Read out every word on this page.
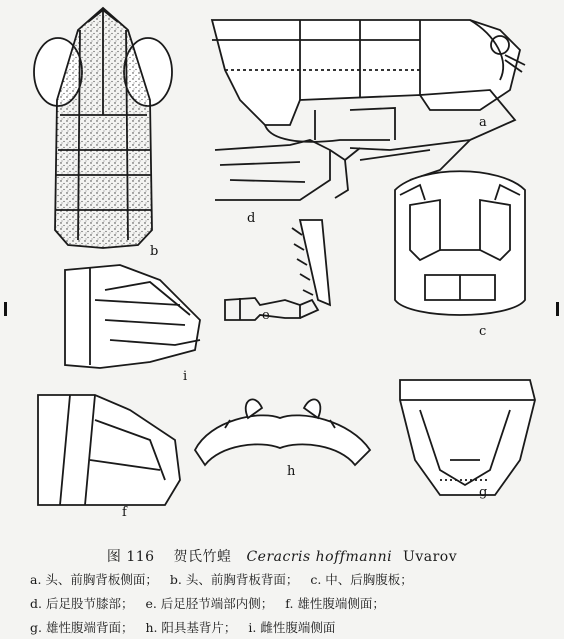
a
b
c
d
e
f
g
h
i
图 116 贺氏竹蝗 Ceracris hoffmanni Uvarov
a. 头、前胸背板侧面； b. 头、前胸背板背面； c. 中、后胸腹板；
d. 后足股节膝部； e. 后足胫节端部内侧； f. 雄性腹端侧面；
g. 雄性腹端背面； h. 阳具基背片； i. 雌性腹端侧面
